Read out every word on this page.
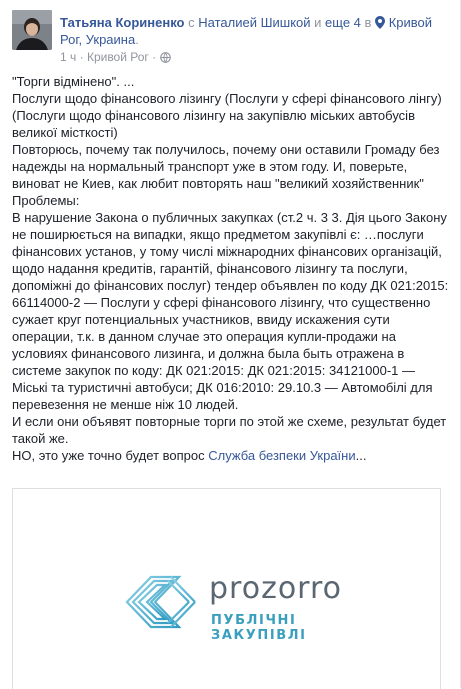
Татьяна Кориненко с Наталией Шишкой и еще 4 в Кривой Рог, Украина.
1 ч · Кривой Рог ·
"Торги відмінено". ...
Послуги щодо фінансового лізингу (Послуги у сфері фінансового лінгу)
(Послуги щодо фінансового лізингу на закупівлю міських автобусів
великої місткості)
Повторюсь, почему так получилось, почему они оставили Громаду без
надежды на нормальный транспорт уже в этом году. И, поверьте,
виноват не Киев, как любит повторять наш "великий хозяйственник"
Проблемы:
В нарушение Закона о публичных закупках (ст.2 ч. 3 3. Дія цього Закону
не поширюється на випадки, якщо предметом закупівлі є: …послуги
фінансових установ, у тому числі міжнародних фінансових організацій,
щодо надання кредитів, гарантій, фінансового лізингу та послуги,
допоміжні до фінансових послуг) тендер объявлен по коду ДК 021:2015:
66114000-2 — Послуги у сфері фінансового лізингу, что существенно
сужает круг потенциальных участников, ввиду искажения сути
операции, т.к. в данном случае это операция купли-продажи на
условиях финансового лизинга, и должна была быть отражена в
системе закупок по коду: ДК 021:2015: ДК 021:2015: 34121000-1 —
Міські та туристичні автобуси; ДК 016:2010: 29.10.3 — Автомобілі для
перевезення не менше ніж 10 людей.
И если они объявят повторные торги по этой же схеме, результат будет
такой же.
НО, это уже точно будет вопрос Служба безпеки України...
prozorro
ПУБЛІЧНІ ЗАКУПІВЛІ
